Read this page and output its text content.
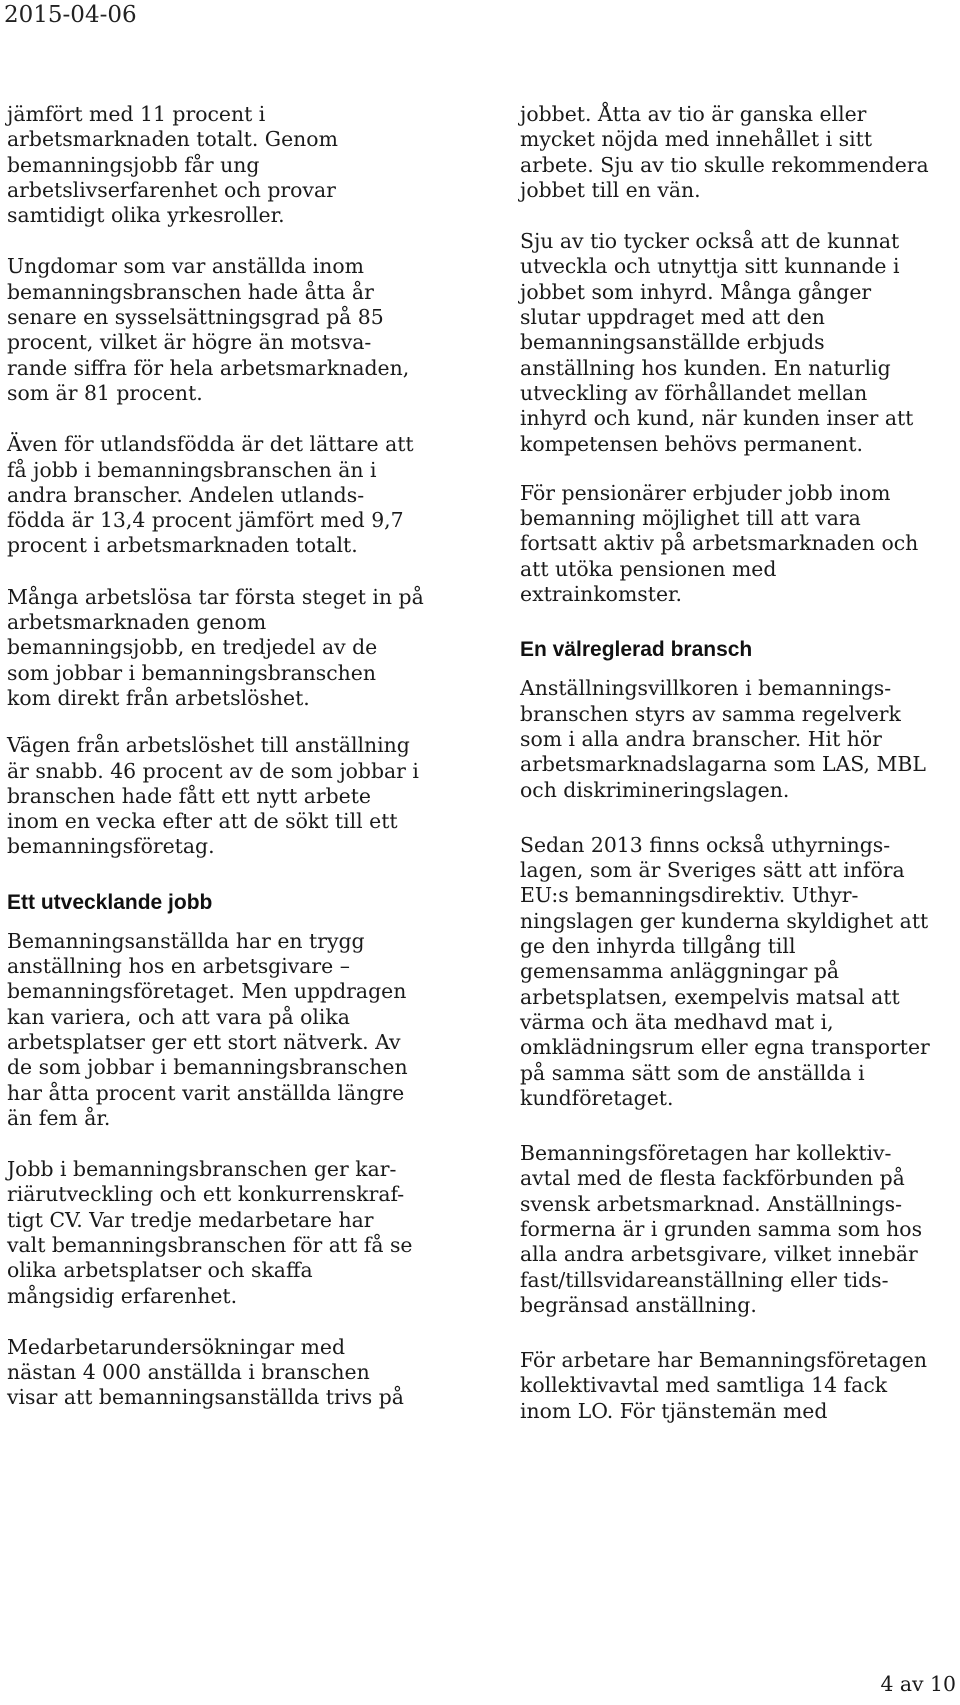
2015-04-06

jämfört med 11 procent i
arbetsmarknaden totalt. Genom
bemanningsjobb får ung
arbetslivserfarenhet och provar
samtidigt olika yrkesroller.

Ungdomar som var anställda inom
bemanningsbranschen hade åtta år
senare en sysselsättningsgrad på 85
procent, vilket är högre än motsva-
rande siffra för hela arbetsmarknaden,
som är 81 procent.

Även för utlandsfödda är det lättare att
få jobb i bemanningsbranschen än i
andra branscher. Andelen utlands-
födda är 13,4 procent jämfört med 9,7
procent i arbetsmarknaden totalt.

Många arbetslösa tar första steget in på
arbetsmarknaden genom
bemanningsjobb, en tredjedel av de
som jobbar i bemanningsbranschen
kom direkt från arbetslöshet.

Vägen från arbetslöshet till anställning
är snabb. 46 procent av de som jobbar i
branschen hade fått ett nytt arbete
inom en vecka efter att de sökt till ett
bemanningsföretag.

Ett utvecklande jobb

Bemanningsanställda har en trygg
anställning hos en arbetsgivare –
bemanningsföretaget. Men uppdragen
kan variera, och att vara på olika
arbetsplatser ger ett stort nätverk. Av
de som jobbar i bemanningsbranschen
har åtta procent varit anställda längre
än fem år.

Jobb i bemanningsbranschen ger kar-
riärutveckling och ett konkurrenskraf-
tigt CV. Var tredje medarbetare har
valt bemanningsbranschen för att få se
olika arbetsplatser och skaffa
mångsidig erfarenhet.

Medarbetarundersökningar med
nästan 4 000 anställda i branschen
visar att bemanningsanställda trivs på

jobbet. Åtta av tio är ganska eller
mycket nöjda med innehållet i sitt
arbete. Sju av tio skulle rekommendera
jobbet till en vän.

Sju av tio tycker också att de kunnat
utveckla och utnyttja sitt kunnande i
jobbet som inhyrd. Många gånger
slutar uppdraget med att den
bemanningsanställde erbjuds
anställning hos kunden. En naturlig
utveckling av förhållandet mellan
inhyrd och kund, när kunden inser att
kompetensen behövs permanent.

För pensionärer erbjuder jobb inom
bemanning möjlighet till att vara
fortsatt aktiv på arbetsmarknaden och
att utöka pensionen med
extrainkomster.

En välreglerad bransch

Anställningsvillkoren i bemannings-
branschen styrs av samma regelverk
som i alla andra branscher. Hit hör
arbetsmarknadslagarna som LAS, MBL
och diskrimineringslagen.

Sedan 2013 finns också uthyrnings-
lagen, som är Sveriges sätt att införa
EU:s bemanningsdirektiv. Uthyr-
ningslagen ger kunderna skyldighet att
ge den inhyrda tillgång till
gemensamma anläggningar på
arbetsplatsen, exempelvis matsal att
värma och äta medhavd mat i,
omklädningsrum eller egna transporter
på samma sätt som de anställda i
kundföretaget.

Bemanningsföretagen har kollektiv-
avtal med de flesta fackförbunden på
svensk arbetsmarknad. Anställnings-
formerna är i grunden samma som hos
alla andra arbetsgivare, vilket innebär
fast/tillsvidareanställning eller tids-
begränsad anställning.

För arbetare har Bemanningsföretagen
kollektivavtal med samtliga 14 fack
inom LO. För tjänstemän med

4 av 10
